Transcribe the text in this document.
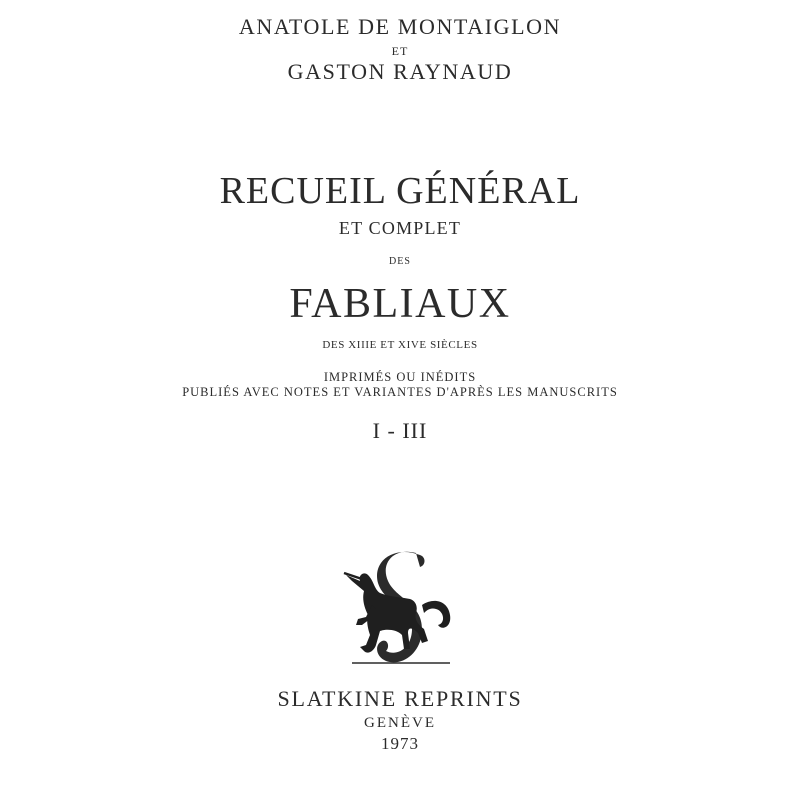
ANATOLE DE MONTAIGLON

ET

GASTON RAYNAUD

RECUEIL GÉNÉRAL

ET COMPLET

DES

FABLIAUX

DES XIIIE ET XIVE SIÈCLES

IMPRIMÉS OU INÉDITS

PUBLIÉS AVEC NOTES ET VARIANTES D'APRÈS LES MANUSCRITS

I - III

SLATKINE REPRINTS

GENÈVE

1973
